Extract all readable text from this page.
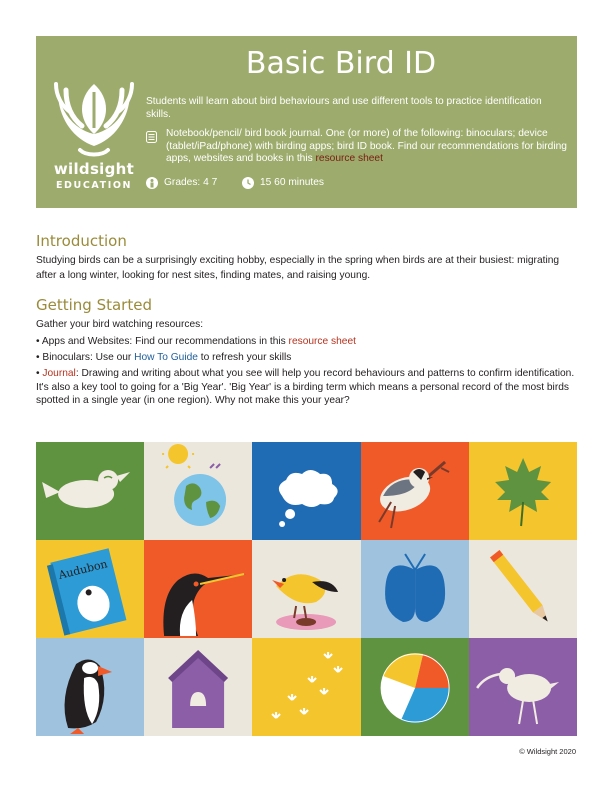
wildsight
EDUCATION
Basic Bird ID
Students will learn about bird behaviours and use different tools to practice identification skills.
Notebook/pencil/ bird book journal. One (or more) of the following: binoculars; device (tablet/iPad/phone) with birding apps; bird ID book. Find our recommendations for birding apps, websites and books in this resource sheet
Grades: 4 7	15 60 minutes
Introduction
Studying birds can be a surprisingly exciting hobby, especially in the spring when birds are at their busiest: migrating after a long winter, looking for nest sites, finding mates, and raising young.
Getting Started
Gather your bird watching resources:
• Apps and Websites: Find our recommendations in this resource sheet
• Binoculars: Use our How To Guide to refresh your skills
• Journal: Drawing and writing about what you see will help you record behaviours and patterns to confirm identification. It's also a key tool to going for a 'Big Year'. 'Big Year' is a birding term which means a personal record of the most birds spotted in a single year (in one region). Why not make this your year?
Audubon
© Wildsight 2020
